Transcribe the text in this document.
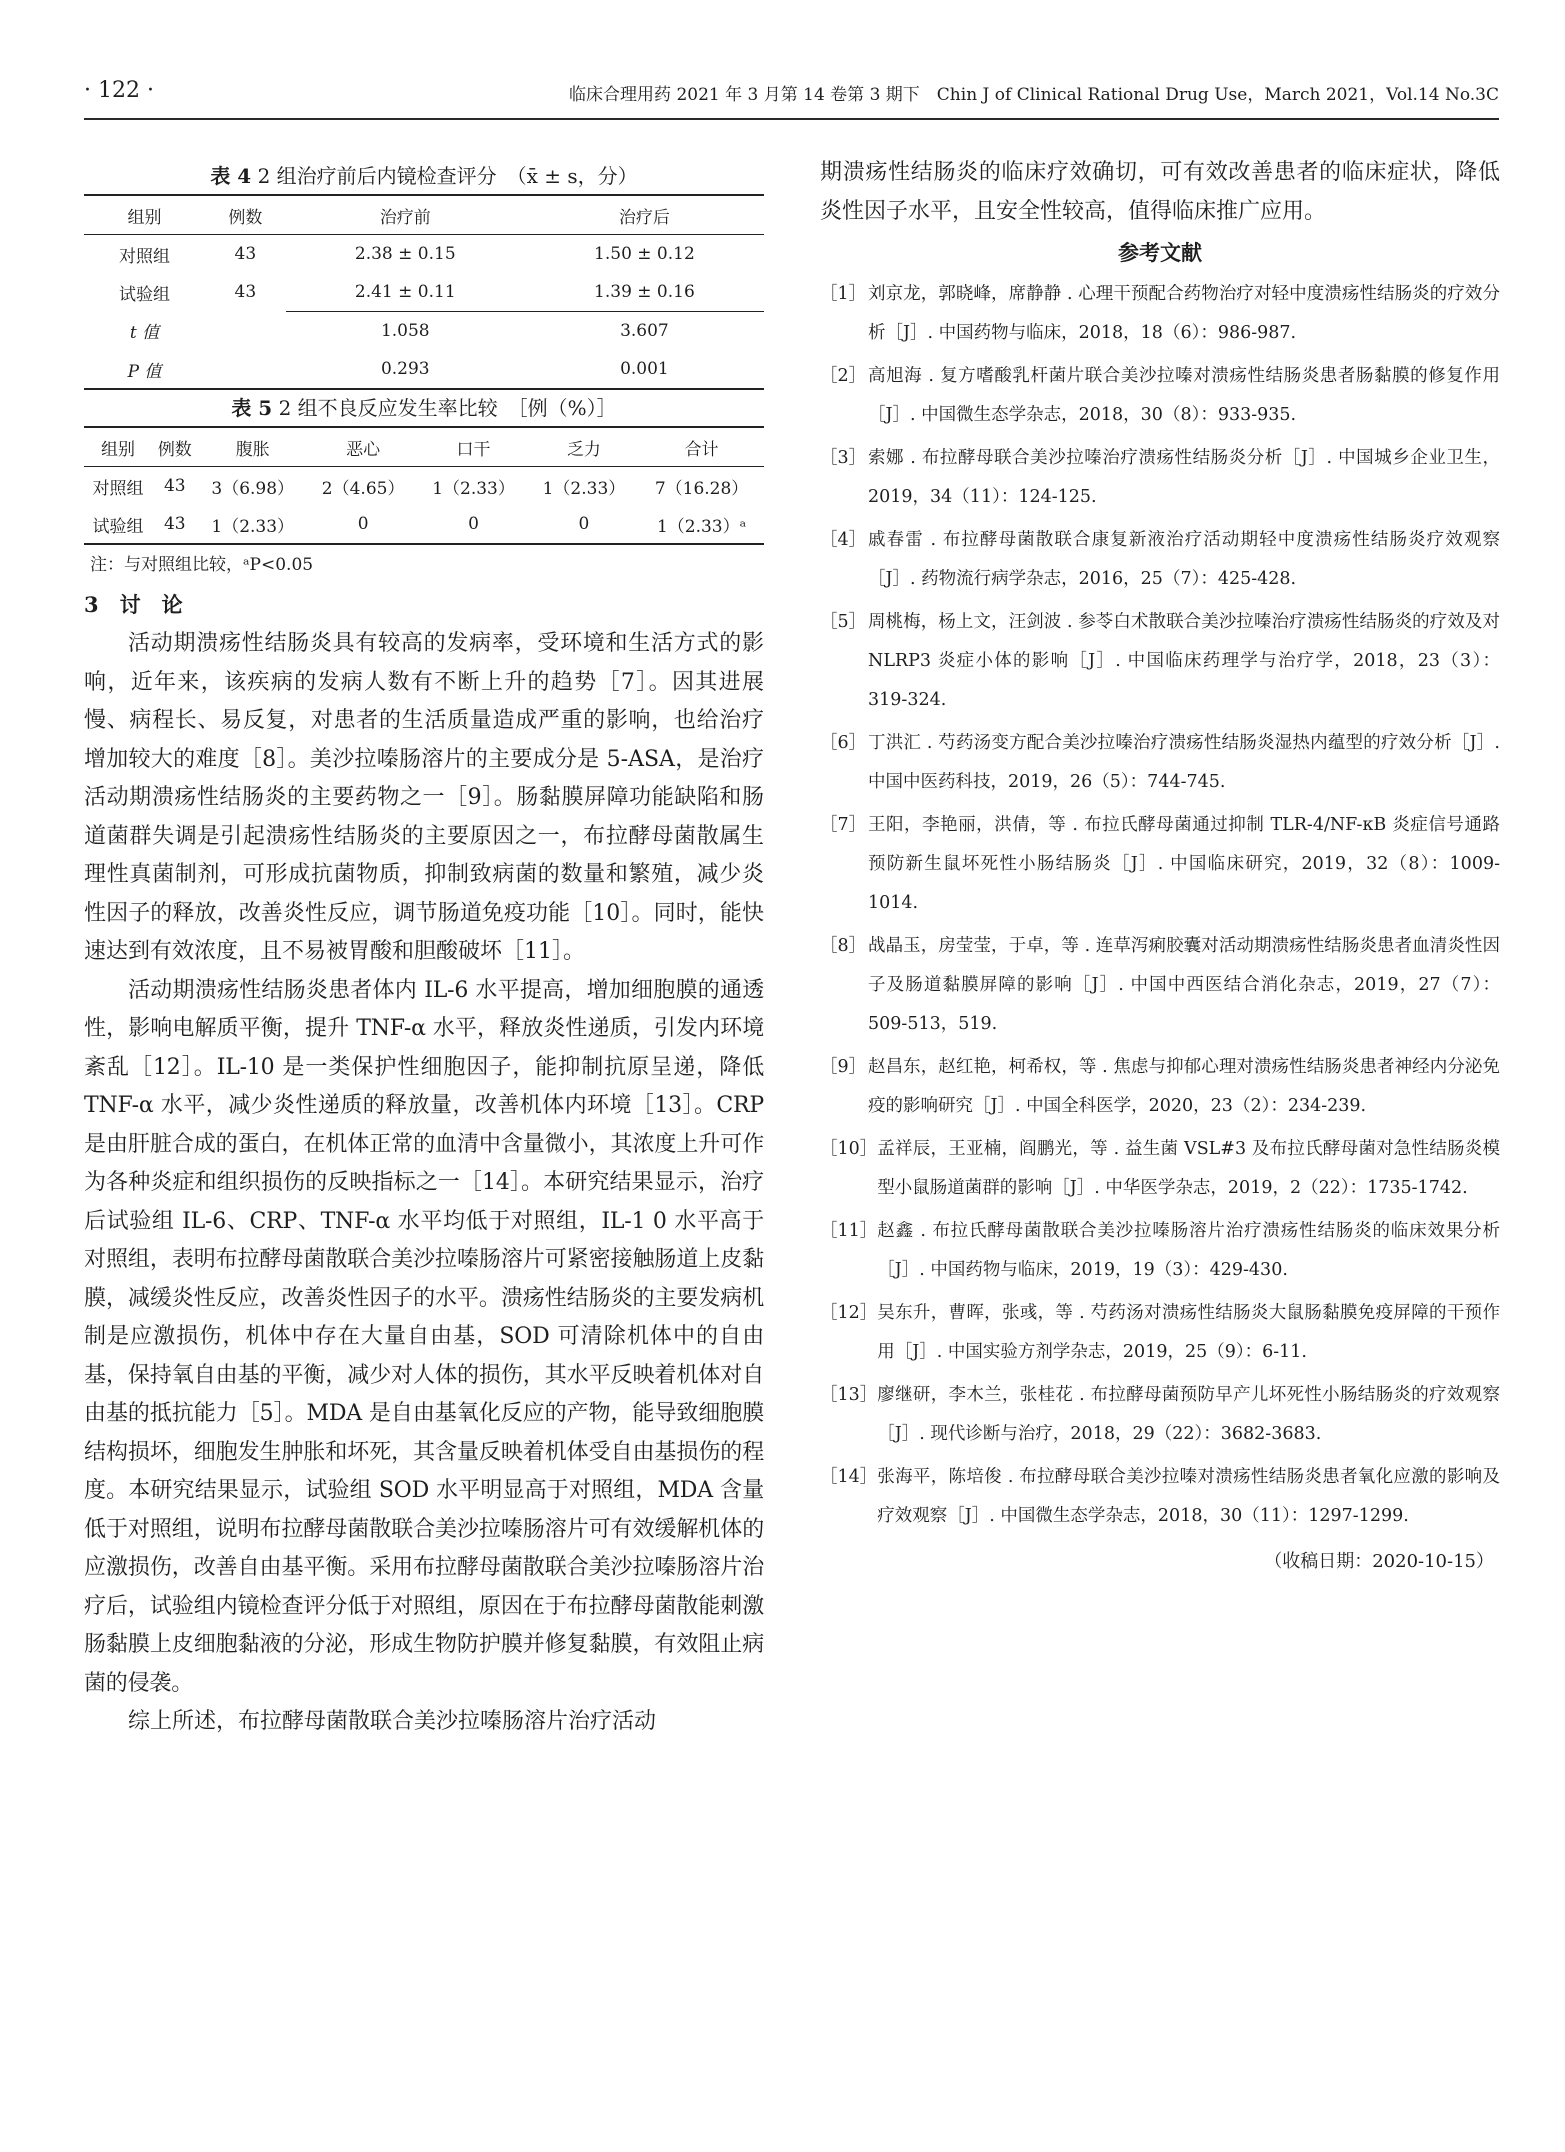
· 122 ·	临床合理用药 2021 年 3 月第 14 卷第 3 期下　Chin J of Clinical Rational Drug Use，March 2021，Vol.14 No.3C
表 4 2 组治疗前后内镜检查评分　（x̄ ± s，分）
组别	例数	治疗前	治疗后
对照组	43	2.38 ± 0.15	1.50 ± 0.12
试验组	43	2.41 ± 0.11	1.39 ± 0.16
t 值		1.058	3.607
P 值		0.293	0.001
表 5 2 组不良反应发生率比较　［例（%）］
组别	例数	腹胀	恶心	口干	乏力	合计
对照组	43	3（6.98）	2（4.65）	1（2.33）	1（2.33）	7（16.28）
试验组	43	1（2.33）	0	0	0	1（2.33）ᵃ
注：与对照组比较，ᵃP<0.05
3　讨　论

活动期溃疡性结肠炎具有较高的发病率，受环境和生活方式的影响，近年来，该疾病的发病人数有不断上升的趋势［7］。因其进展慢、病程长、易反复，对患者的生活质量造成严重的影响，也给治疗增加较大的难度［8］。美沙拉嗪肠溶片的主要成分是 5-ASA，是治疗活动期溃疡性结肠炎的主要药物之一［9］。肠黏膜屏障功能缺陷和肠道菌群失调是引起溃疡性结肠炎的主要原因之一，布拉酵母菌散属生理性真菌制剂，可形成抗菌物质，抑制致病菌的数量和繁殖，减少炎性因子的释放，改善炎性反应，调节肠道免疫功能［10］。同时，能快速达到有效浓度，且不易被胃酸和胆酸破坏［11］。

活动期溃疡性结肠炎患者体内 IL-6 水平提高，增加细胞膜的通透性，影响电解质平衡，提升 TNF-α 水平，释放炎性递质，引发内环境紊乱［12］。IL-10 是一类保护性细胞因子，能抑制抗原呈递，降低 TNF-α 水平，减少炎性递质的释放量，改善机体内环境［13］。CRP 是由肝脏合成的蛋白，在机体正常的血清中含量微小，其浓度上升可作为各种炎症和组织损伤的反映指标之一［14］。本研究结果显示，治疗后试验组 IL-6、CRP、TNF-α 水平均低于对照组，IL-1 0 水平高于对照组，表明布拉酵母菌散联合美沙拉嗪肠溶片可紧密接触肠道上皮黏膜，减缓炎性反应，改善炎性因子的水平。溃疡性结肠炎的主要发病机制是应激损伤，机体中存在大量自由基，SOD 可清除机体中的自由基，保持氧自由基的平衡，减少对人体的损伤，其水平反映着机体对自由基的抵抗能力［5］。MDA 是自由基氧化反应的产物，能导致细胞膜结构损坏，细胞发生肿胀和坏死，其含量反映着机体受自由基损伤的程度。本研究结果显示，试验组 SOD 水平明显高于对照组，MDA 含量低于对照组，说明布拉酵母菌散联合美沙拉嗪肠溶片可有效缓解机体的应激损伤，改善自由基平衡。采用布拉酵母菌散联合美沙拉嗪肠溶片治疗后，试验组内镜检查评分低于对照组，原因在于布拉酵母菌散能刺激肠黏膜上皮细胞黏液的分泌，形成生物防护膜并修复黏膜，有效阻止病菌的侵袭。

综上所述，布拉酵母菌散联合美沙拉嗪肠溶片治疗活动

期溃疡性结肠炎的临床疗效确切，可有效改善患者的临床症状，降低炎性因子水平，且安全性较高，值得临床推广应用。

参考文献
［1］ 刘京龙，郭晓峰，席静静 . 心理干预配合药物治疗对轻中度溃疡性结肠炎的疗效分析［J］. 中国药物与临床，2018，18（6）：986-987.
［2］ 高旭海 . 复方嗜酸乳杆菌片联合美沙拉嗪对溃疡性结肠炎患者肠黏膜的修复作用［J］. 中国微生态学杂志，2018，30（8）：933-935.
［3］ 索娜 . 布拉酵母联合美沙拉嗪治疗溃疡性结肠炎分析［J］. 中国城乡企业卫生，2019，34（11）：124-125.
［4］ 戚春雷 . 布拉酵母菌散联合康复新液治疗活动期轻中度溃疡性结肠炎疗效观察［J］. 药物流行病学杂志，2016，25（7）：425-428.
［5］ 周桃梅，杨上文，汪剑波 . 参苓白术散联合美沙拉嗪治疗溃疡性结肠炎的疗效及对 NLRP3 炎症小体的影响［J］. 中国临床药理学与治疗学，2018，23（3）：319-324.
［6］ 丁洪汇 . 芍药汤变方配合美沙拉嗪治疗溃疡性结肠炎湿热内蕴型的疗效分析［J］. 中国中医药科技，2019，26（5）：744-745.
［7］ 王阳，李艳丽，洪倩，等 . 布拉氏酵母菌通过抑制 TLR-4/NF-κB 炎症信号通路预防新生鼠坏死性小肠结肠炎［J］. 中国临床研究，2019，32（8）：1009-1014.
［8］ 战晶玉，房莹莹，于卓，等 . 连草泻痢胶囊对活动期溃疡性结肠炎患者血清炎性因子及肠道黏膜屏障的影响［J］. 中国中西医结合消化杂志，2019，27（7）：509-513，519.
［9］ 赵昌东，赵红艳，柯希权，等 . 焦虑与抑郁心理对溃疡性结肠炎患者神经内分泌免疫的影响研究［J］. 中国全科医学，2020，23（2）：234-239.
［10］ 孟祥辰，王亚楠，阎鹏光，等 . 益生菌 VSL#3 及布拉氏酵母菌对急性结肠炎模型小鼠肠道菌群的影响［J］. 中华医学杂志，2019，2（22）：1735-1742.
［11］ 赵鑫 . 布拉氏酵母菌散联合美沙拉嗪肠溶片治疗溃疡性结肠炎的临床效果分析［J］. 中国药物与临床，2019，19（3）：429-430.
［12］ 吴东升，曹晖，张彧，等 . 芍药汤对溃疡性结肠炎大鼠肠黏膜免疫屏障的干预作用［J］. 中国实验方剂学杂志，2019，25（9）：6-11.
［13］ 廖继研，李木兰，张桂花 . 布拉酵母菌预防早产儿坏死性小肠结肠炎的疗效观察［J］. 现代诊断与治疗，2018，29（22）：3682-3683.
［14］ 张海平，陈培俊 . 布拉酵母联合美沙拉嗪对溃疡性结肠炎患者氧化应激的影响及疗效观察［J］. 中国微生态学杂志，2018，30（11）：1297-1299.
（收稿日期：2020-10-15）
